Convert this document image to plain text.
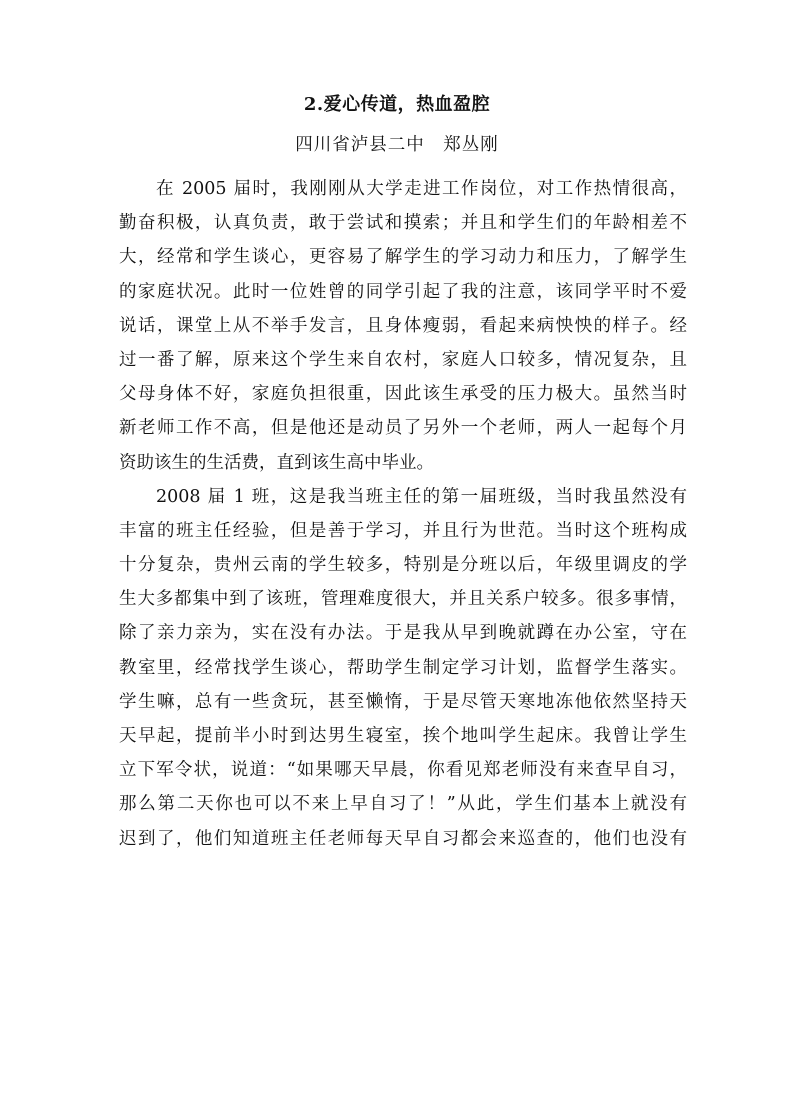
2.爱心传道，热血盈腔
四川省泸县二中　郑丛刚
在 2005 届时，我刚刚从大学走进工作岗位，对工作热情很高，
勤奋积极，认真负责，敢于尝试和摸索；并且和学生们的年龄相差不
大，经常和学生谈心，更容易了解学生的学习动力和压力，了解学生
的家庭状况。此时一位姓曾的同学引起了我的注意，该同学平时不爱
说话，课堂上从不举手发言，且身体瘦弱，看起来病怏怏的样子。经
过一番了解，原来这个学生来自农村，家庭人口较多，情况复杂，且
父母身体不好，家庭负担很重，因此该生承受的压力极大。虽然当时
新老师工作不高，但是他还是动员了另外一个老师，两人一起每个月
资助该生的生活费，直到该生高中毕业。
2008 届 1 班，这是我当班主任的第一届班级，当时我虽然没有
丰富的班主任经验，但是善于学习，并且行为世范。当时这个班构成
十分复杂，贵州云南的学生较多，特别是分班以后，年级里调皮的学
生大多都集中到了该班，管理难度很大，并且关系户较多。很多事情，
除了亲力亲为，实在没有办法。于是我从早到晚就蹲在办公室，守在
教室里，经常找学生谈心，帮助学生制定学习计划，监督学生落实。
学生嘛，总有一些贪玩，甚至懒惰，于是尽管天寒地冻他依然坚持天
天早起，提前半小时到达男生寝室，挨个地叫学生起床。我曾让学生
立下军令状，说道：“如果哪天早晨，你看见郑老师没有来查早自习，
那么第二天你也可以不来上早自习了！”从此，学生们基本上就没有
迟到了，他们知道班主任老师每天早自习都会来巡查的，他们也没有
